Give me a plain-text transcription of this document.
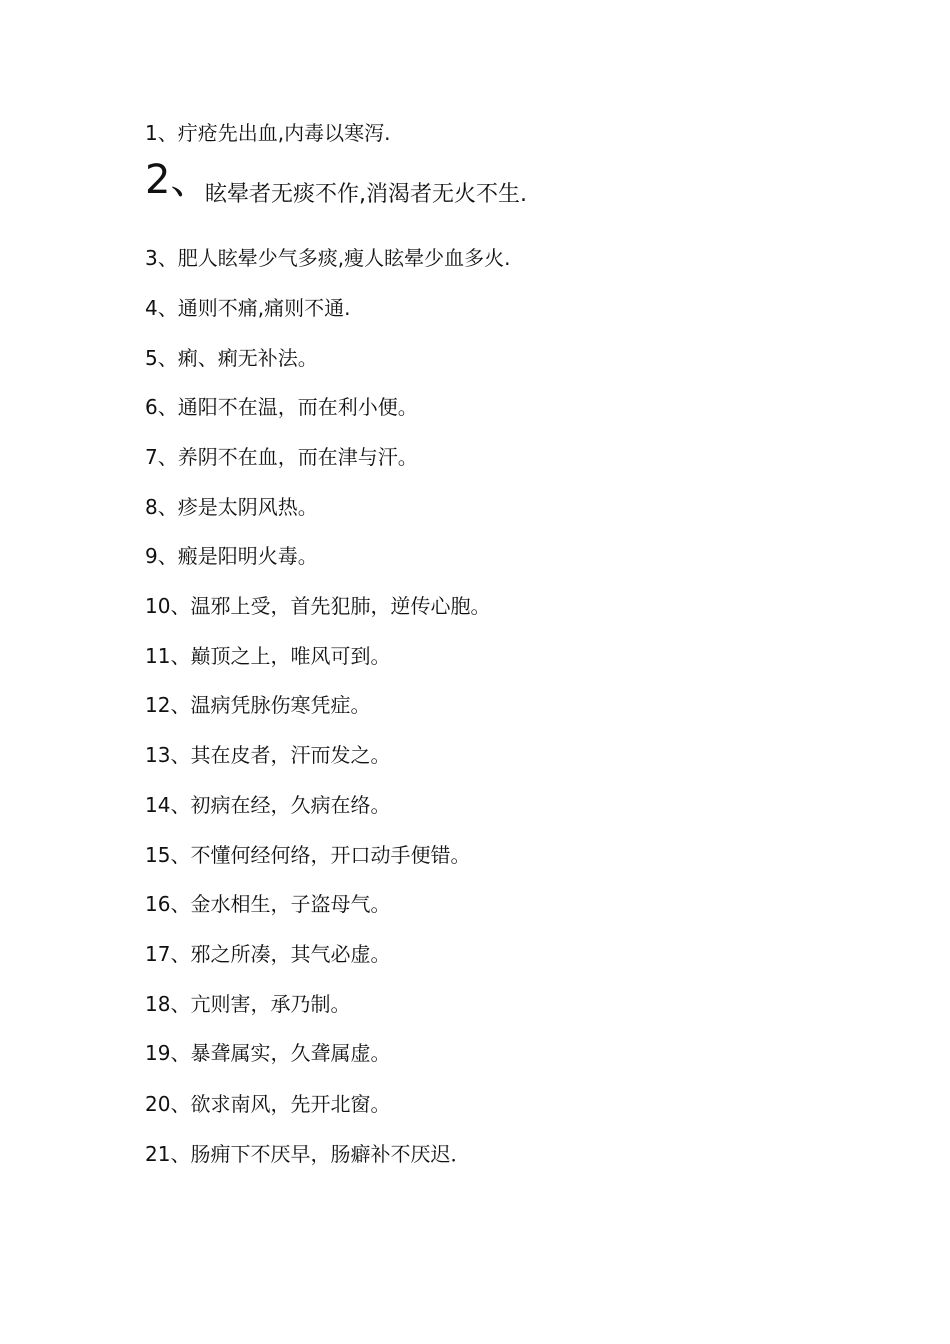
1、疔疮先出血,内毒以寒泻.
2、
眩晕者无痰不作,消渴者无火不生.
3、肥人眩晕少气多痰,瘦人眩晕少血多火.
4、通则不痛,痛则不通.
5、痢、痢无补法。
6、通阳不在温，而在利小便。
7、养阴不在血，而在津与汗。
8、疹是太阴风热。
9、瘢是阳明火毒。
10、温邪上受，首先犯肺，逆传心胞。
11、巅顶之上，唯风可到。
12、温病凭脉伤寒凭症。
13、其在皮者，汗而发之。
14、初病在经，久病在络。
15、不懂何经何络，开口动手便错。
16、金水相生，子盗母气。
17、邪之所凑，其气必虚。
18、亢则害，承乃制。
19、暴聋属实，久聋属虚。
20、欲求南风，先开北窗。
21、肠痈下不厌早，肠癖补不厌迟．
